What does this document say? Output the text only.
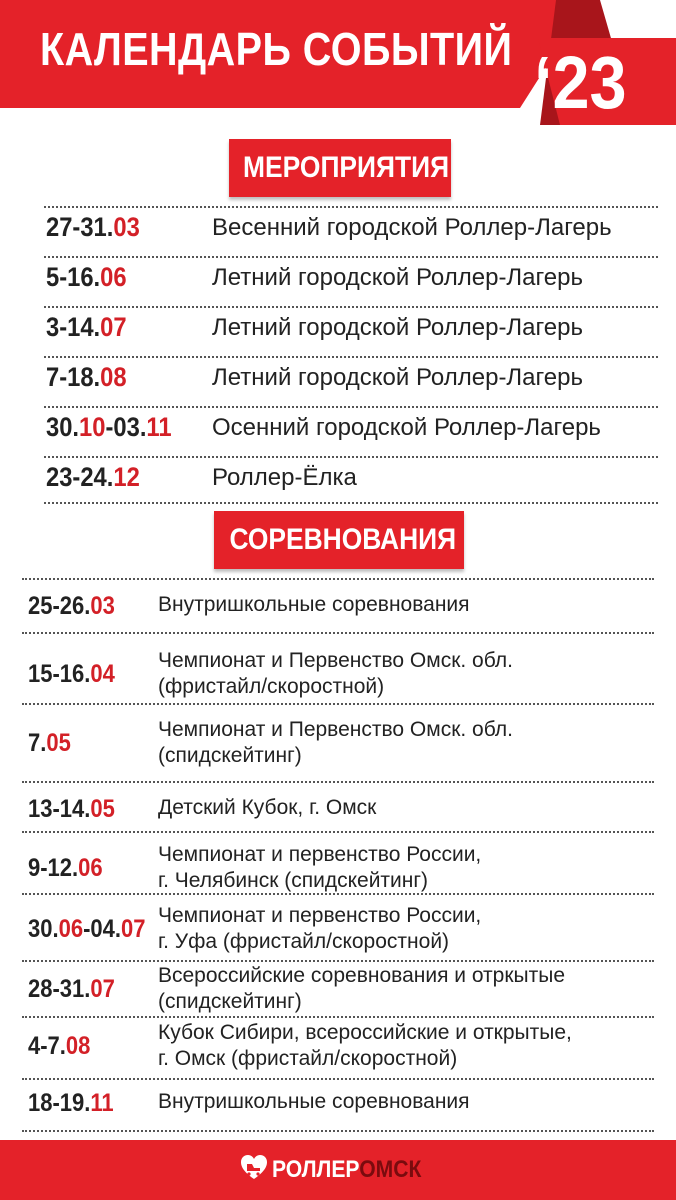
КАЛЕНДАРЬ СОБЫТИЙ ‘23
МЕРОПРИЯТИЯ
27-31.03	Весенний городской Роллер-Лагерь
5-16.06	Летний городской Роллер-Лагерь
3-14.07	Летний городской Роллер-Лагерь
7-18.08	Летний городской Роллер-Лагерь
30.10-03.11 Осенний городской Роллер-Лагерь
23-24.12	Роллер-Ёлка
СОРЕВНОВАНИЯ
25-26.03 Внутришкольные соревнования
15-16.04 Чемпионат и Первенство Омск. обл.
(фристайл/скоростной)
7.05	Чемпионат и Первенство Омск. обл.
(спидскейтинг)
13-14.05 Детский Кубок, г. Омск
9-12.06	Чемпионат и первенство России,
г. Челябинск (спидскейтинг)
30.06-04.07 Чемпионат и первенство России,
г. Уфа (фристайл/скоростной)
28-31.07 Всероссийские соревнования и отркытые
(спидскейтинг)
4-7.08	Кубок Сибири, всероссийские и открытые,
г. Омск (фристайл/скоростной)
18-19.11 Внутришкольные соревнования
РОЛЛЕРОМСК
